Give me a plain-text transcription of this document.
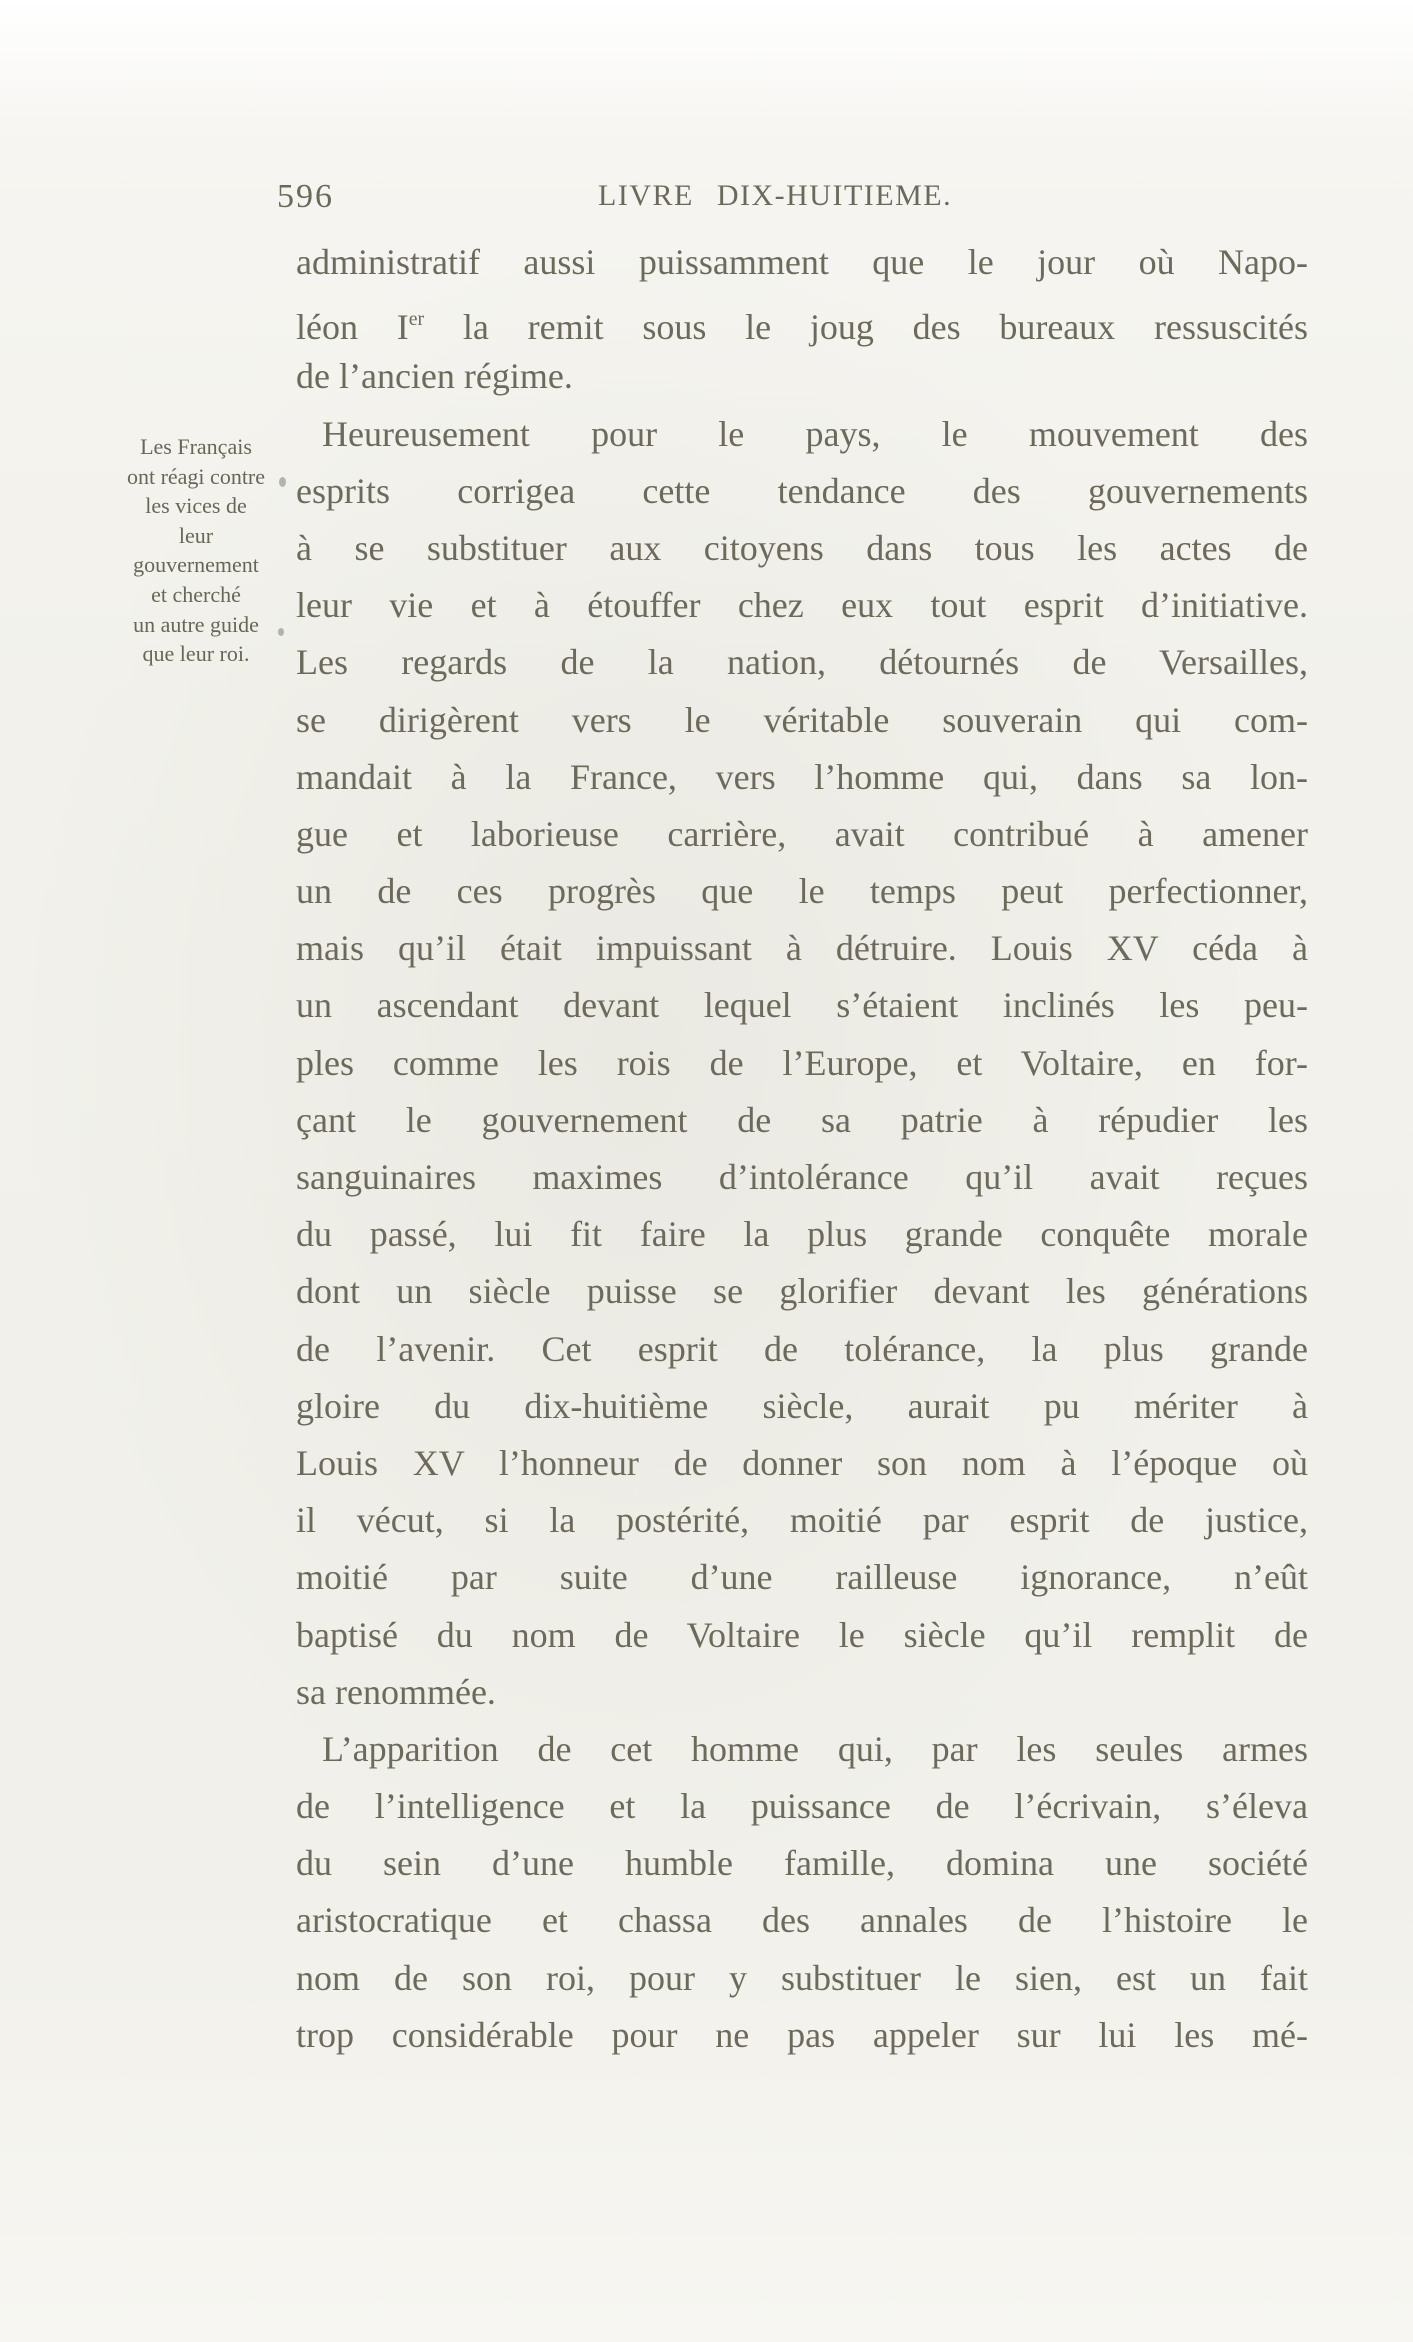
596	LIVRE DIX-HUITIEME.
Les Français
ont réagi contre
les vices de
leur
gouvernement
et cherché
un autre guide
que leur roi.
administratif aussi puissamment que le jour où Napo-
léon Ier la remit sous le joug des bureaux ressuscités
de l’ancien régime.
Heureusement pour le pays, le mouvement des
esprits corrigea cette tendance des gouvernements
à se substituer aux citoyens dans tous les actes de
leur vie et à étouffer chez eux tout esprit d’initiative.
Les regards de la nation, détournés de Versailles,
se dirigèrent vers le véritable souverain qui com-
mandait à la France, vers l’homme qui, dans sa lon-
gue et laborieuse carrière, avait contribué à amener
un de ces progrès que le temps peut perfectionner,
mais qu’il était impuissant à détruire. Louis XV céda à
un ascendant devant lequel s’étaient inclinés les peu-
ples comme les rois de l’Europe, et Voltaire, en for-
çant le gouvernement de sa patrie à répudier les
sanguinaires maximes d’intolérance qu’il avait reçues
du passé, lui fit faire la plus grande conquête morale
dont un siècle puisse se glorifier devant les générations
de l’avenir. Cet esprit de tolérance, la plus grande
gloire du dix-huitième siècle, aurait pu mériter à
Louis XV l’honneur de donner son nom à l’époque où
il vécut, si la postérité, moitié par esprit de justice,
moitié par suite d’une railleuse ignorance, n’eût
baptisé du nom de Voltaire le siècle qu’il remplit de
sa renommée.
L’apparition de cet homme qui, par les seules armes
de l’intelligence et la puissance de l’écrivain, s’éleva
du sein d’une humble famille, domina une société
aristocratique et chassa des annales de l’histoire le
nom de son roi, pour y substituer le sien, est un fait
trop considérable pour ne pas appeler sur lui les mé-
